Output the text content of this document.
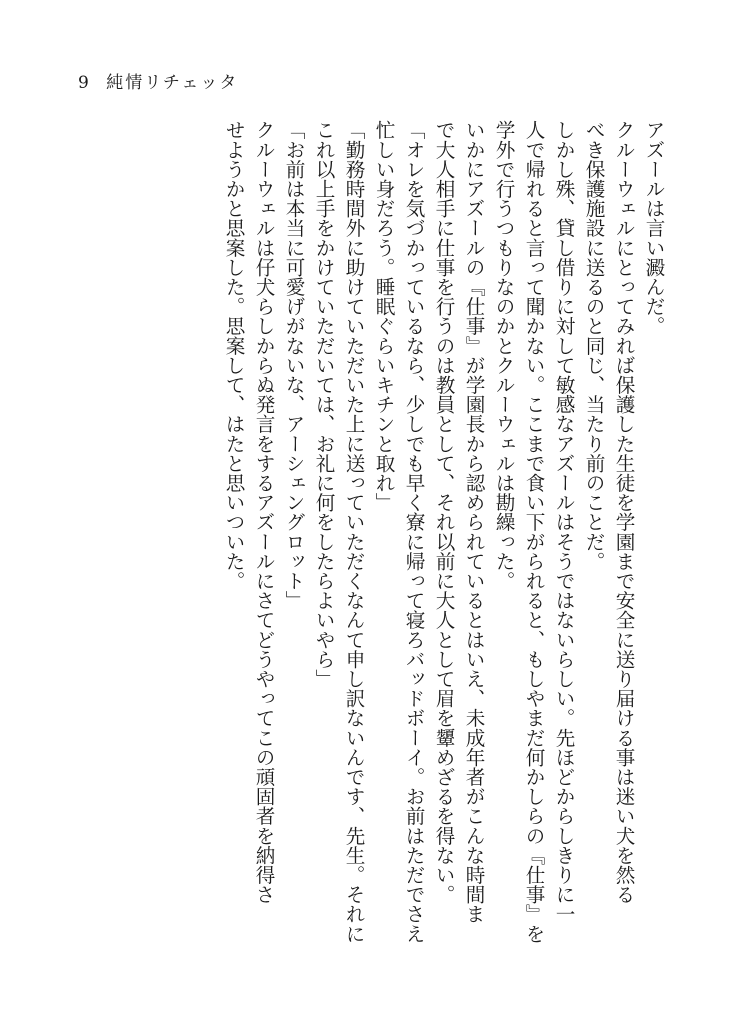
9 純情リチェッタ

アズールは言い澱んだ。

クルーウェルにとってみれば保護した生徒を学園まで安全に送り届ける事は迷い犬を然る

べき保護施設に送るのと同じ、当たり前のことだ。

しかし殊、貸し借りに対して敏感なアズールはそうではないらしい。先ほどからしきりに一

人で帰れると言って聞かない。ここまで食い下がられると、もしやまだ何かしらの『仕事』を

学外で行うつもりなのかとクルーウェルは勘繰った。

いかにアズールの『仕事』が学園長から認められているとはいえ、未成年者がこんな時間ま

で大人相手に仕事を行うのは教員として、それ以前に大人として眉を顰めざるを得ない。

「オレを気づかっているなら、少しでも早く寮に帰って寝ろバッドボーイ。お前はただでさえ

忙しい身だろう。睡眠ぐらいキチンと取れ」

「勤務時間外に助けていただいた上に送っていただくなんて申し訳ないんです、先生。それに

これ以上手をかけていただいては、お礼に何をしたらよいやら」

「お前は本当に可愛げがないな、アーシェングロット」

クルーウェルは仔犬らしからぬ発言をするアズールにさてどうやってこの頑固者を納得さ

せようかと思案した。思案して、はたと思いついた。
